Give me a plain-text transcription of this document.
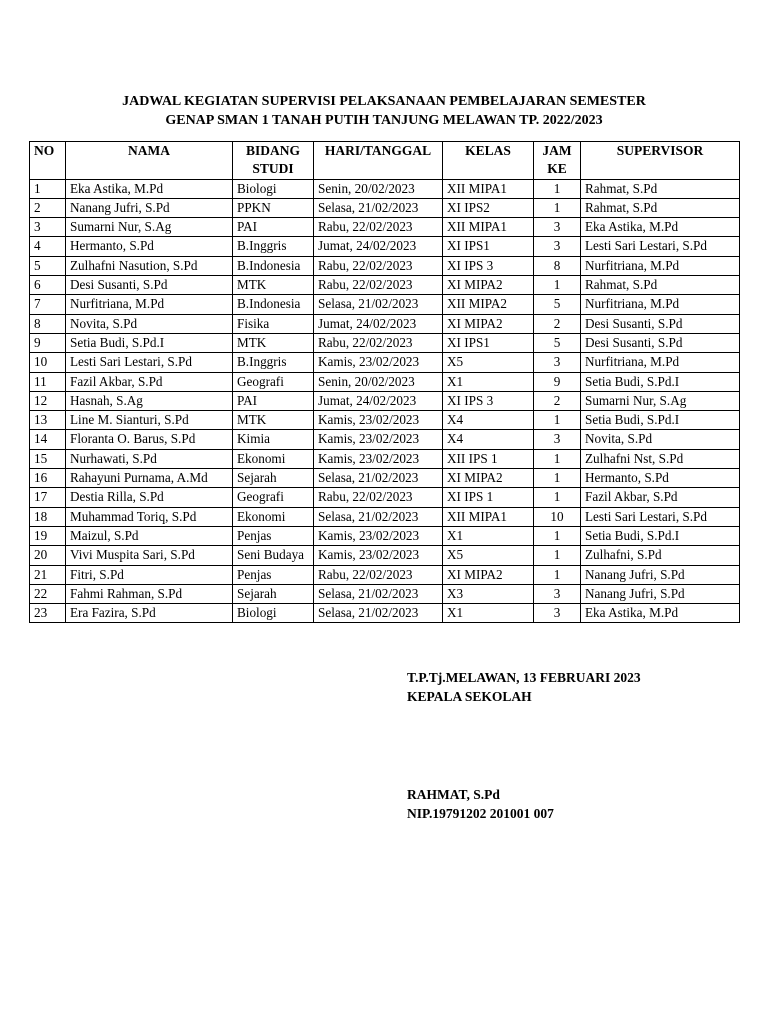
JADWAL KEGIATAN SUPERVISI PELAKSANAAN PEMBELAJARAN SEMESTER
GENAP SMAN 1 TANAH PUTIH TANJUNG MELAWAN TP. 2022/2023
NO	NAMA	BIDANG STUDI	HARI/TANGGAL	KELAS	JAM KE	SUPERVISOR
1	Eka Astika, M.Pd	Biologi	Senin, 20/02/2023	XII MIPA1	1	Rahmat, S.Pd
2	Nanang Jufri, S.Pd	PPKN	Selasa, 21/02/2023	XI IPS2	1	Rahmat, S.Pd
3	Sumarni Nur, S.Ag	PAI	Rabu, 22/02/2023	XII MIPA1	3	Eka Astika, M.Pd
4	Hermanto, S.Pd	B.Inggris	Jumat, 24/02/2023	XI IPS1	3	Lesti Sari Lestari, S.Pd
5	Zulhafni Nasution, S.Pd	B.Indonesia	Rabu, 22/02/2023	XI IPS 3	8	Nurfitriana, M.Pd
6	Desi Susanti, S.Pd	MTK	Rabu, 22/02/2023	XI MIPA2	1	Rahmat, S.Pd
7	Nurfitriana, M.Pd	B.Indonesia	Selasa, 21/02/2023	XII MIPA2	5	Nurfitriana, M.Pd
8	Novita, S.Pd	Fisika	Jumat, 24/02/2023	XI MIPA2	2	Desi Susanti, S.Pd
9	Setia Budi, S.Pd.I	MTK	Rabu, 22/02/2023	XI IPS1	5	Desi Susanti, S.Pd
10	Lesti Sari Lestari, S.Pd	B.Inggris	Kamis, 23/02/2023	X5	3	Nurfitriana, M.Pd
11	Fazil Akbar, S.Pd	Geografi	Senin, 20/02/2023	X1	9	Setia Budi, S.Pd.I
12	Hasnah, S.Ag	PAI	Jumat, 24/02/2023	XI IPS 3	2	Sumarni Nur, S.Ag
13	Line M. Sianturi, S.Pd	MTK	Kamis, 23/02/2023	X4	1	Setia Budi, S.Pd.I
14	Floranta O. Barus, S.Pd	Kimia	Kamis, 23/02/2023	X4	3	Novita, S.Pd
15	Nurhawati, S.Pd	Ekonomi	Kamis, 23/02/2023	XII IPS 1	1	Zulhafni Nst, S.Pd
16	Rahayuni Purnama, A.Md	Sejarah	Selasa, 21/02/2023	XI MIPA2	1	Hermanto, S.Pd
17	Destia Rilla, S.Pd	Geografi	Rabu, 22/02/2023	XI IPS 1	1	Fazil Akbar, S.Pd
18	Muhammad Toriq, S.Pd	Ekonomi	Selasa, 21/02/2023	XII MIPA1	10	Lesti Sari Lestari, S.Pd
19	Maizul, S.Pd	Penjas	Kamis, 23/02/2023	X1	1	Setia Budi, S.Pd.I
20	Vivi Muspita Sari, S.Pd	Seni Budaya	Kamis, 23/02/2023	X5	1	Zulhafni, S.Pd
21	Fitri, S.Pd	Penjas	Rabu, 22/02/2023	XI MIPA2	1	Nanang Jufri, S.Pd
22	Fahmi Rahman, S.Pd	Sejarah	Selasa, 21/02/2023	X3	3	Nanang Jufri, S.Pd
23	Era Fazira, S.Pd	Biologi	Selasa, 21/02/2023	X1	3	Eka Astika, M.Pd
T.P.Tj.MELAWAN, 13 FEBRUARI 2023
KEPALA SEKOLAH
RAHMAT, S.Pd
NIP.19791202 201001 007
